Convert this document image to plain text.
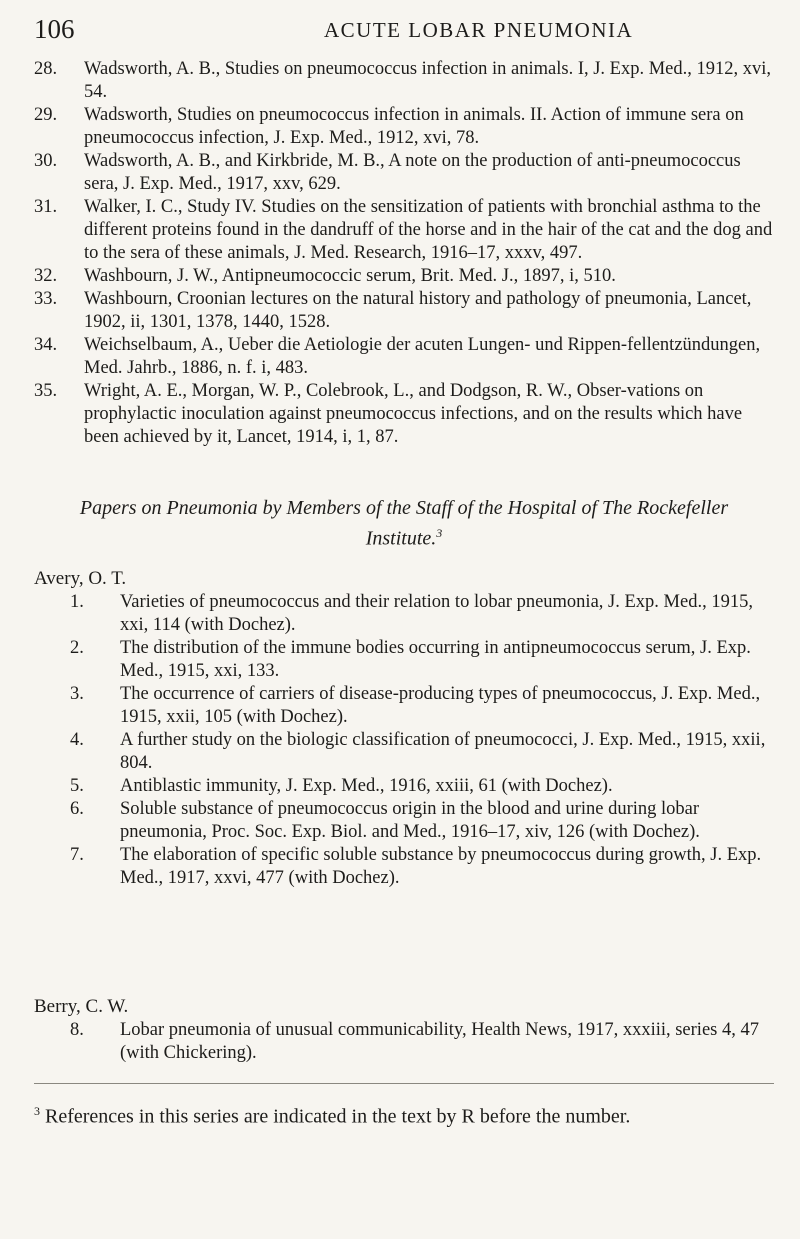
106	ACUTE LOBAR PNEUMONIA
28. Wadsworth, A. B., Studies on pneumococcus infection in animals. I, J. Exp. Med., 1912, xvi, 54.
29. Wadsworth, Studies on pneumococcus infection in animals. II. Action of immune sera on pneumococcus infection, J. Exp. Med., 1912, xvi, 78.
30. Wadsworth, A. B., and Kirkbride, M. B., A note on the production of anti-pneumococcus sera, J. Exp. Med., 1917, xxv, 629.
31. Walker, I. C., Study IV. Studies on the sensitization of patients with bronchial asthma to the different proteins found in the dandruff of the horse and in the hair of the cat and the dog and to the sera of these animals, J. Med. Research, 1916–17, xxxv, 497.
32. Washbourn, J. W., Antipneumococcic serum, Brit. Med. J., 1897, i, 510.
33. Washbourn, Croonian lectures on the natural history and pathology of pneumonia, Lancet, 1902, ii, 1301, 1378, 1440, 1528.
34. Weichselbaum, A., Ueber die Aetiologie der acuten Lungen- und Rippen-fellentzündungen, Med. Jahrb., 1886, n. f. i, 483.
35. Wright, A. E., Morgan, W. P., Colebrook, L., and Dodgson, R. W., Obser-vations on prophylactic inoculation against pneumococcus infections, and on the results which have been achieved by it, Lancet, 1914, i, 1, 87.
Papers on Pneumonia by Members of the Staff of the Hospital of The Rockefeller
Institute.$^3$
Avery, O. T.
1. Varieties of pneumococcus and their relation to lobar pneumonia, J. Exp. Med., 1915, xxi, 114 (with Dochez).
2. The distribution of the immune bodies occurring in antipneumococcus serum, J. Exp. Med., 1915, xxi, 133.
3. The occurrence of carriers of disease-producing types of pneumococcus, J. Exp. Med., 1915, xxii, 105 (with Dochez).
4. A further study on the biologic classification of pneumococci, J. Exp. Med., 1915, xxii, 804.
5. Antiblastic immunity, J. Exp. Med., 1916, xxiii, 61 (with Dochez).
6. Soluble substance of pneumococcus origin in the blood and urine during lobar pneumonia, Proc. Soc. Exp. Biol. and Med., 1916–17, xiv, 126 (with Dochez).
7. The elaboration of specific soluble substance by pneumococcus during growth, J. Exp. Med., 1917, xxvi, 477 (with Dochez).
Berry, C. W.
8. Lobar pneumonia of unusual communicability, Health News, 1917, xxxiii, series 4, 47 (with Chickering).
$^3$ References in this series are indicated in the text by R before the number.
